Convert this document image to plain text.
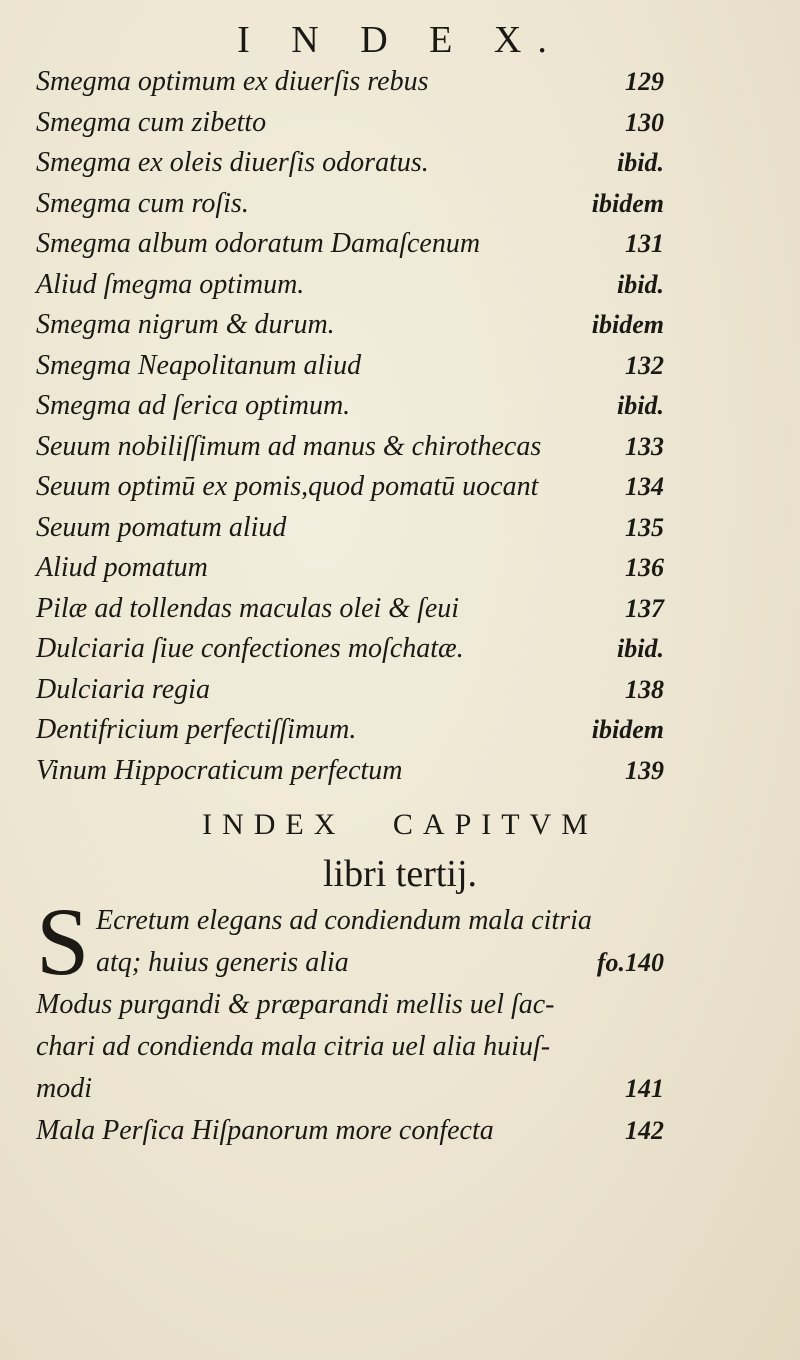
I N D E X.
Smegma optimum ex diuerſis rebus	129
Smegma cum zibetto	130
Smegma ex oleis diuerſis odoratus.	ibid.
Smegma cum roſis.	ibidem
Smegma album odoratum Damaſcenum	131
Aliud ſmegma optimum.	ibid.
Smegma nigrum & durum.	ibidem
Smegma Neapolitanum aliud	132
Smegma ad ſerica optimum.	ibid.
Seuum nobiliſſimum ad manus & chirothecas	133
Seuum optimū ex pomis,quod pomatū uocant	134
Seuum pomatum aliud	135
Aliud pomatum	136
Pilæ ad tollendas maculas olei & ſeui	137
Dulciaria ſiue confectiones moſchatæ.	ibid.
Dulciaria regia	138
Dentifricium perfectiſſimum.	ibidem
Vinum Hippocraticum perfectum	139
INDEX CAPITVM
libri tertij.
S Ecretum elegans ad condiendum mala citria
atq; huius generis alia	fo.140
Modus purgandi & præparandi mellis uel ſac-
chari ad condienda mala citria uel alia huiuſ-
modi	141
Mala Perſica Hiſpanorum more confecta	142
